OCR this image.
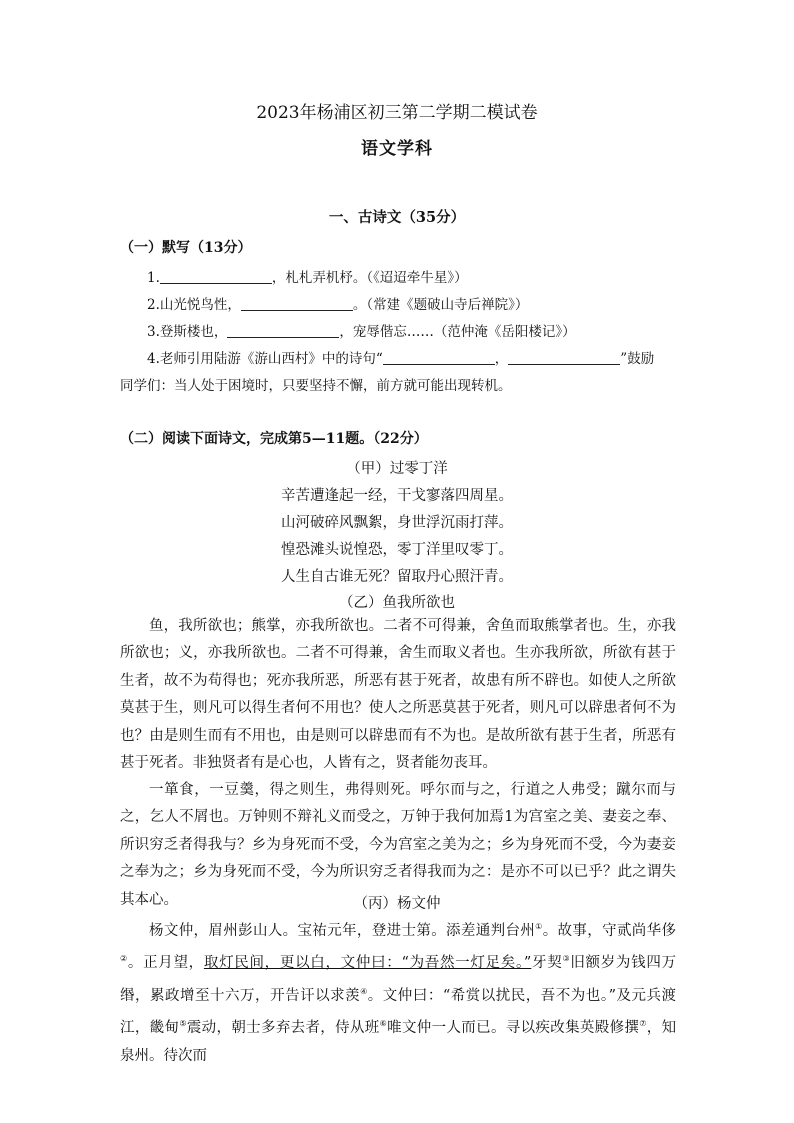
2023年杨浦区初三第二学期二模试卷
语文学科
一、古诗文（35分）
（一）默写（13分）
1.	，札札弄机杼。（《迢迢牵牛星》）
2.山光悦鸟性，	。（常建《题破山寺后禅院》）
3.登斯楼也，	，宠辱偕忘……（范仲淹《岳阳楼记》）
4.老师引用陆游《游山西村》中的诗句“	，	”鼓励
同学们：当人处于困境时，只要坚持不懈，前方就可能出现转机。
（二）阅读下面诗文，完成第5—11题。（22分）
（甲）过零丁洋
辛苦遭逢起一经，干戈寥落四周星。
山河破碎风飘絮，身世浮沉雨打萍。
惶恐滩头说惶恐，零丁洋里叹零丁。
人生自古谁无死？留取丹心照汗青。
（乙）鱼我所欲也
鱼，我所欲也；熊掌，亦我所欲也。二者不可得兼，舍鱼而取熊掌者也。生，亦我所欲也；义，亦我所欲也。二者不可得兼，舍生而取义者也。生亦我所欲，所欲有甚于生者，故不为苟得也；死亦我所恶，所恶有甚于死者，故患有所不辟也。如使人之所欲莫甚于生，则凡可以得生者何不用也？使人之所恶莫甚于死者，则凡可以辟患者何不为也？由是则生而有不用也，由是则可以辟患而有不为也。是故所欲有甚于生者，所恶有甚于死者。非独贤者有是心也，人皆有之，贤者能勿丧耳。
一箪食，一豆羹，得之则生，弗得则死。呼尔而与之，行道之人弗受；蹴尔而与之，乞人不屑也。万钟则不辩礼义而受之，万钟于我何加焉1为宫室之美、妻妾之奉、所识穷乏者得我与？乡为身死而不受，今为宫室之美为之；乡为身死而不受，今为妻妾之奉为之；乡为身死而不受，今为所识穷乏者得我而为之：是亦不可以已乎？此之谓失其本心。	（丙）杨文仲
杨文仲，眉州彭山人。宝祐元年，登进士第。添差通判台州①。故事，守贰尚华侈②。正月望，取灯民间，更以白，文仲曰：“为吾然一灯足矣。”牙契③旧额岁为钱四万缗，累政增至十六万，开告讦以求羡④。文仲曰：“希赏以扰民，吾不为也。”及元兵渡江，畿甸⑤震动，朝士多弃去者，侍从班⑥唯文仲一人而已。寻以疾改集英殿修撰⑦，知泉州。待次而
